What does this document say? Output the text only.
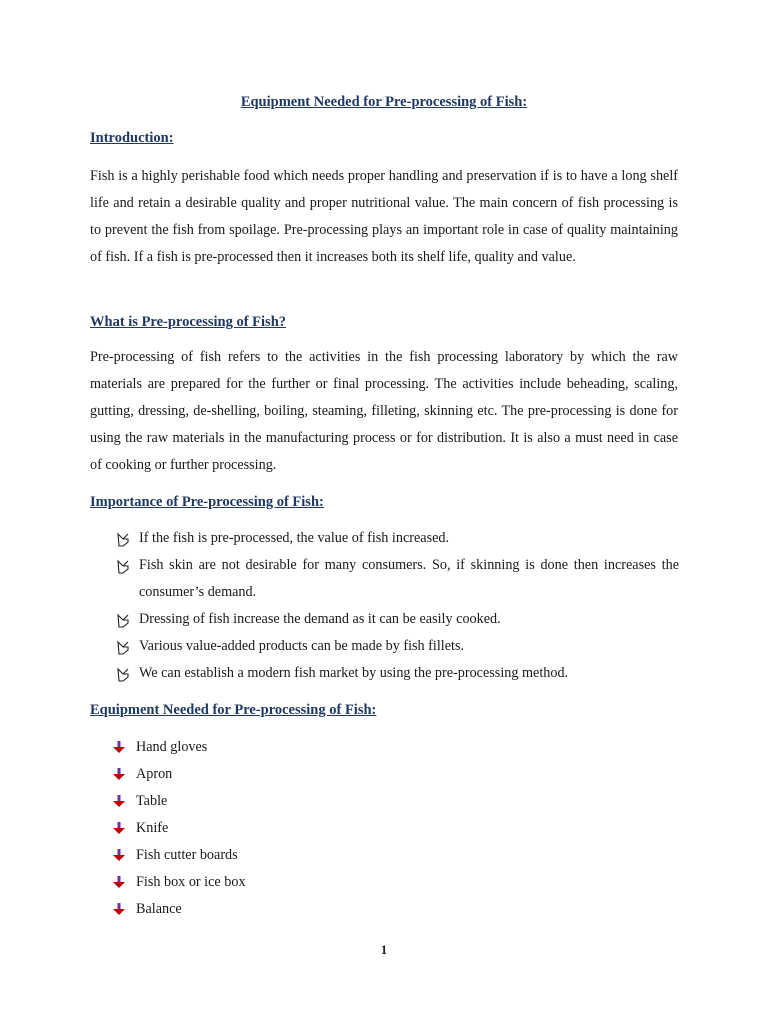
Equipment Needed for Pre-processing of Fish:
Introduction:
Fish is a highly perishable food which needs proper handling and preservation if is to have a long shelf life and retain a desirable quality and proper nutritional value. The main concern of fish processing is to prevent the fish from spoilage. Pre-processing plays an important role in case of quality maintaining of fish. If a fish is pre-processed then it increases both its shelf life, quality and value.
What is Pre-processing of Fish?
Pre-processing of fish refers to the activities in the fish processing laboratory by which the raw materials are prepared for the further or final processing. The activities include beheading, scaling, gutting, dressing, de-shelling, boiling, steaming, filleting, skinning etc. The pre-processing is done for using the raw materials in the manufacturing process or for distribution. It is also a must need in case of cooking or further processing.
Importance of Pre-processing of Fish:
If the fish is pre-processed, the value of fish increased.
Fish skin are not desirable for many consumers. So, if skinning is done then increases the consumer’s demand.
Dressing of fish increase the demand as it can be easily cooked.
Various value-added products can be made by fish fillets.
We can establish a modern fish market by using the pre-processing method.
Equipment Needed for Pre-processing of Fish:
Hand gloves
Apron
Table
Knife
Fish cutter boards
Fish box or ice box
Balance
1
